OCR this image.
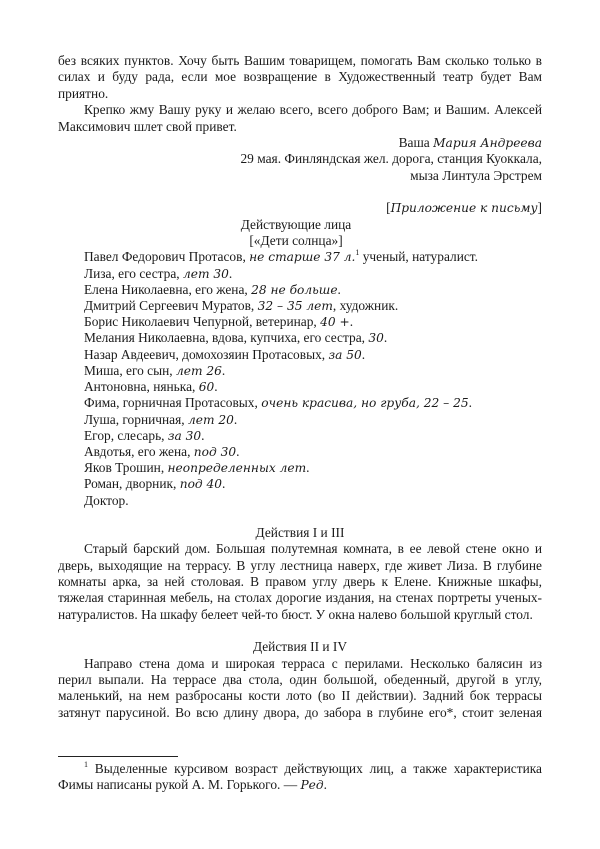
без всяких пунктов. Хочу быть Вашим товарищем, помогать Вам сколько только в силах и буду рада, если мое возвращение в Художественный театр будет Вам приятно.

Крепко жму Вашу руку и желаю всего, всего доброго Вам; и Вашим. Алексей Максимович шлет свой привет.

Ваша Мария Андреева

29 мая. Финляндская жел. дорога, станция Куоккала,

мыза Линтула Эрстрем

[Приложение к письму]

Действующие лица

[«Дети солнца»]

Павел Федорович Протасов, не старше 37 л.$^1$ ученый, натуралист.
Лиза, его сестра, лет 30.
Елена Николаевна, его жена, 28 не больше.
Дмитрий Сергеевич Муратов, 32 – 35 лет, художник.
Борис Николаевич Чепурной, ветеринар, 40 +.
Мелания Николаевна, вдова, купчиха, его сестра, 30.
Назар Авдеевич, домохозяин Протасовых, за 50.
Миша, его сын, лет 26.
Антоновна, нянька, 60.
Фима, горничная Протасовых, очень красива, но груба, 22 – 25.
Луша, горничная, лет 20.
Егор, слесарь, за 30.
Авдотья, его жена, под 30.
Яков Трошин, неопределенных лет.
Роман, дворник, под 40.
Доктор.

Действия I и III

Старый барский дом. Большая полутемная комната, в ее левой стене окно и дверь, выходящие на террасу. В углу лестница наверх, где живет Лиза. В глубине комнаты арка, за ней столовая. В правом углу дверь к Елене. Книжные шкафы, тяжелая старинная мебель, на столах дорогие издания, на стенах портреты ученых-натуралистов. На шкафу белеет чей-то бюст. У окна налево большой круглый стол.

Действия II и IV

Направо стена дома и широкая терраса с перилами. Несколько балясин из перил выпали. На террасе два стола, один большой, обеденный, другой в углу, маленький, на нем разбросаны кости лото (во II действии). Задний бок террасы затянут парусиной. Во всю длину двора, до забора в глубине его*, стоит зеленая

$^1$ Выделенные курсивом возраст действующих лиц, а также характеристика Фимы написаны рукой А. М. Горького. — Ред.
